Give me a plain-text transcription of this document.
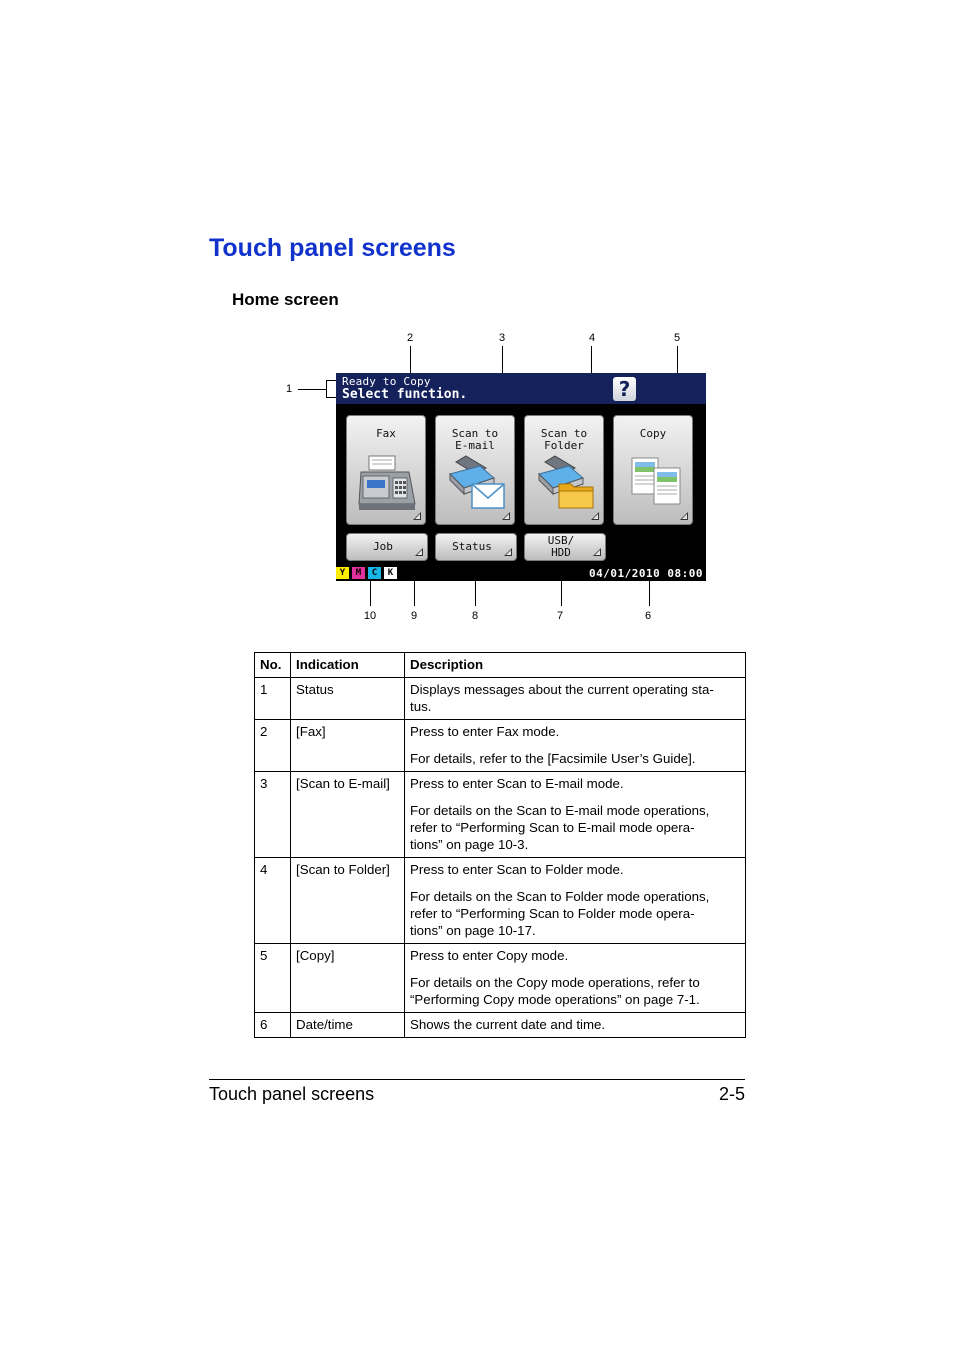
Touch panel screens
Home screen
2	3	4	5
1
10	9	8	7	6
Ready to Copy
Select function.	?
Fax	Scan to
E-mail
Scan to
Folder
Copy
Job	Status	USB/
HDD
Y	M	C	K	04/01/2010 08:00
No.	Indication	Description
1	Status	Displays messages about the current operating sta-
tus.

2	[Fax]	Press to enter Fax mode.

For details, refer to the [Facsimile User’s Guide].

3	[Scan to E-mail]	Press to enter Scan to E-mail mode.

For details on the Scan to E-mail mode operations, refer to “Performing Scan to E-mail mode opera-
tions” on page 10-3.

4	[Scan to Folder]	Press to enter Scan to Folder mode.

For details on the Scan to Folder mode operations, refer to “Performing Scan to Folder mode opera-
tions” on page 10-17.

5	[Copy]	Press to enter Copy mode.

For details on the Copy mode operations, refer to “Performing Copy mode operations” on page 7-1.

6	Date/time	Shows the current date and time.

Touch panel screens	2-5
